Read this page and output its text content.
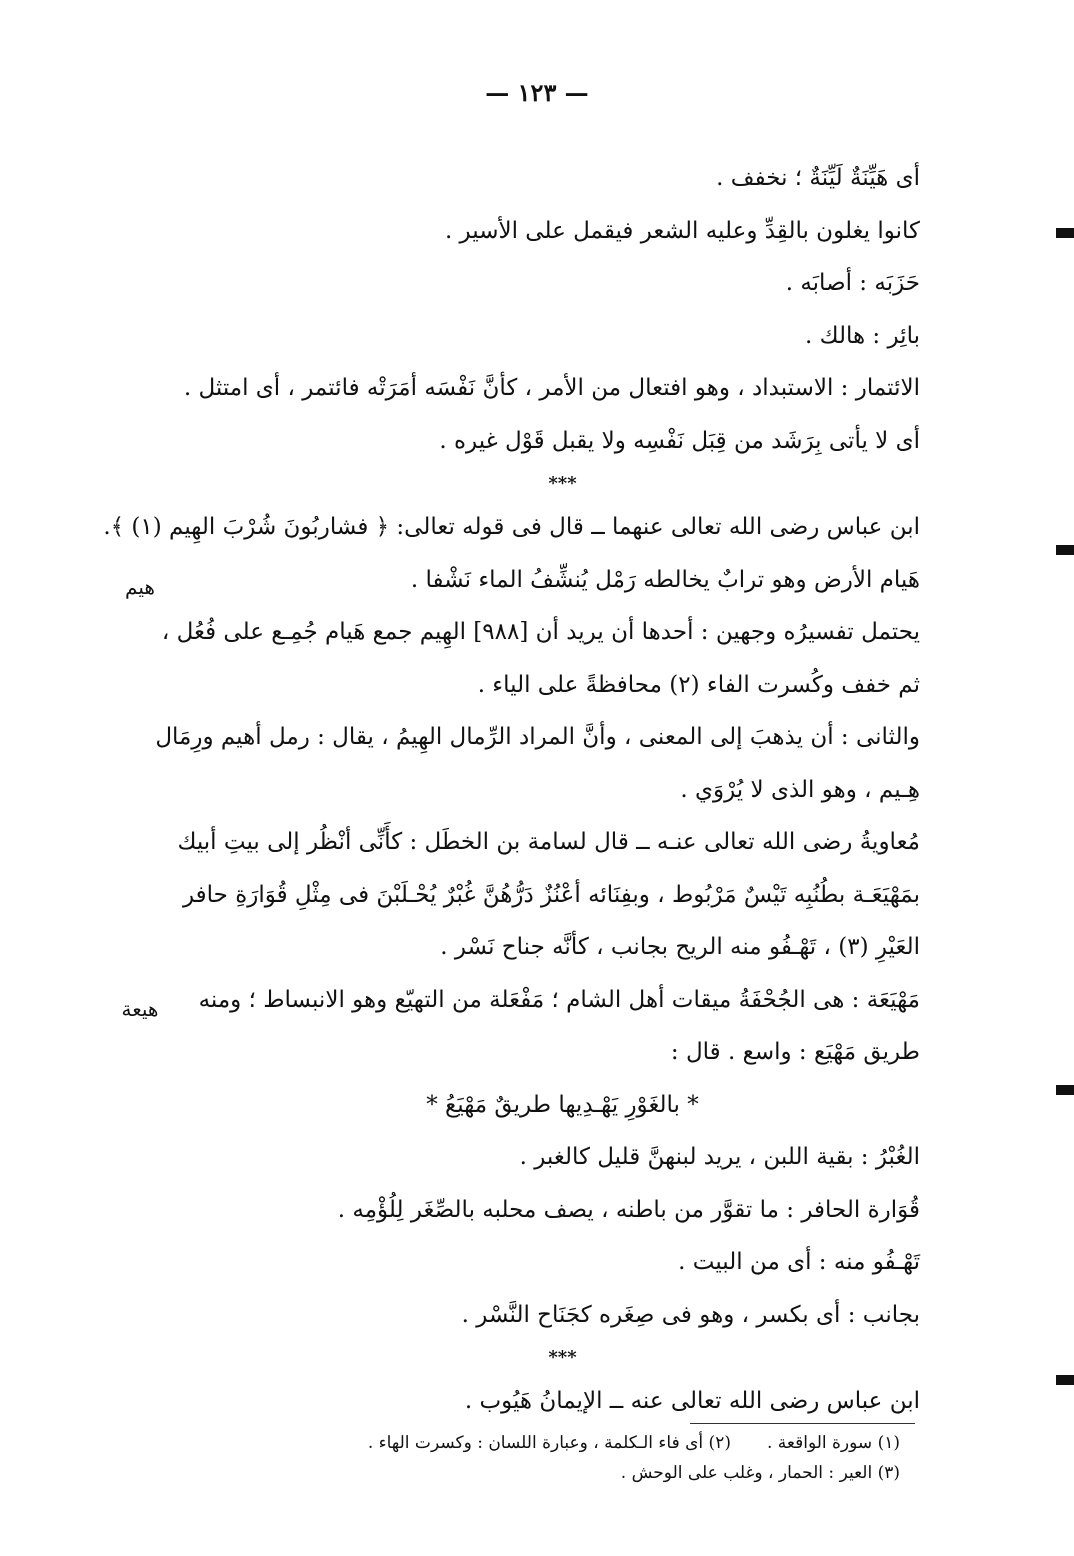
— ١٢٣ —
أى هَيِّنَةٌ لَيِّنَةٌ ؛ نخفف .
كانوا يغلون بالقِدِّ وعليه الشعر فيقمل على الأسير .
حَزَبَه : أصابَه .
بائِر : هالك .
الائتمار : الاستبداد ، وهو افتعال من الأمر ، كأنَّ نَفْسَه أمَرَتْه فائتمر ، أى امتثل .
أى لا يأتى بِرَشَد من قِبَل نَفْسِه ولا يقبل قَوْل غيره .
***
ابن عباس رضى الله تعالى عنهما ــ قال فى قوله تعالى: ﴿ فشاربُونَ شُرْبَ الهِيم (١) ﴾.
هَيام الأرض وهو ترابٌ يخالطه رَمْل يُنشِّفُ الماء نَشْفا .
يحتمل تفسيرُه وجهين : أحدها أن يريد أن [٩٨٨] الهِيم جمع هَيام جُمِـع على فُعُل ،
ثم خفف وكُسرت الفاء (٢) محافظةً على الياء .
والثانى : أن يذهبَ إلى المعنى ، وأنَّ المراد الرِّمال الهِيمُ ، يقال : رمل أهيم ورِمَال
هِـيم ، وهو الذى لا يُرْوَي .
مُعاويةُ رضى الله تعالى عنـه ــ قال لسامة بن الخطَل : كأَنِّى أنْظُر إلى بيتِ أبيك
بمَهْيَعَـة بطُنُبِه تَيْسٌ مَرْبُوط ، وبفِنَائه أعْنُزٌ دَرُّهُنَّ غُبْرٌ يُحْـلَبْنَ فى مِثْلِ قُوَارَةِ حافر
العَيْرِ (٣) ، تَهْـفُو منه الريح بجانب ، كأنَّه جناح نَسْر .
مَهْيَعَة : هى الجُحْفَةُ ميقات أهل الشام ؛ مَفْعَلة من التهيّع وهو الانبساط ؛ ومنه
طريق مَهْيَع : واسع . قال :
* بالغَوْرِ يَهْـدِيها طريقٌ مَهْيَعُ *
الغُبْرُ : بقية اللبن ، يريد لبنهنَّ قليل كالغبر .
قُوَارة الحافر : ما تقوَّر من باطنه ، يصف محلبه بالصِّغَر لِلُؤْمِه .
تَهْـفُو منه : أى من البيت .
بجانب : أى بكسر ، وهو فى صِغَره كجَنَاح النَّسْر .
***
ابن عباس رضى الله تعالى عنه ــ الإيمانُ هَيُوب .
هيم
هيعة
(١) سورة الواقعة .(٢) أى فاء الـكلمة ، وعبارة اللسان : وكسرت الهاء .
(٣) العير : الحمار ، وغلب على الوحش .
